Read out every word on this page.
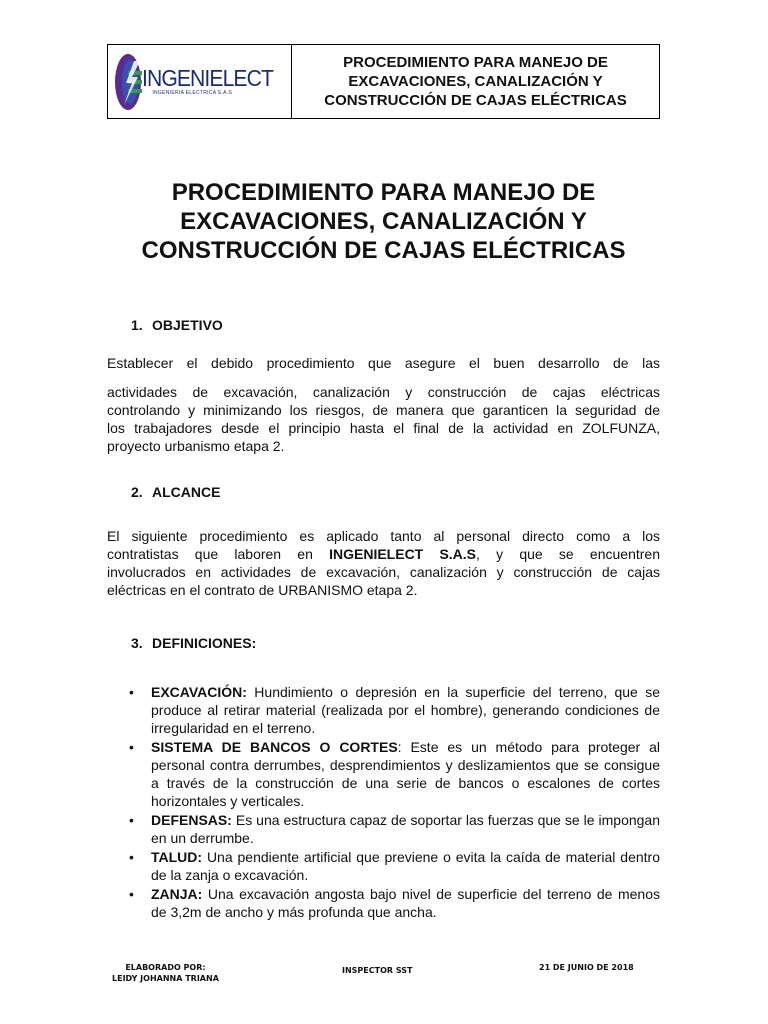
INGENIELECT
INGENIERIA ELECTRICA S.A.S
PROCEDIMIENTO PARA MANEJO DE
EXCAVACIONES, CANALIZACIÓN Y
CONSTRUCCIÓN DE CAJAS ELÉCTRICAS
PROCEDIMIENTO PARA MANEJO DE
EXCAVACIONES, CANALIZACIÓN Y
CONSTRUCCIÓN DE CAJAS ELÉCTRICAS
1. OBJETIVO
Establecer el debido procedimiento que asegure el buen desarrollo de las
actividades de excavación, canalización y construcción de cajas eléctricas
controlando y minimizando los riesgos, de manera que garanticen la seguridad de
los trabajadores desde el principio hasta el final de la actividad en ZOLFUNZA,
proyecto urbanismo etapa 2.
2. ALCANCE
El siguiente procedimiento es aplicado tanto al personal directo como a los
contratistas que laboren en INGENIELECT S.A.S, y que se encuentren
involucrados en actividades de excavación, canalización y construcción de cajas
eléctricas en el contrato de URBANISMO etapa 2.
3. DEFINICIONES:
• EXCAVACIÓN: Hundimiento o depresión en la superficie del terreno, que se produce al retirar material (realizada por el hombre), generando condiciones de irregularidad en el terreno.
• SISTEMA DE BANCOS O CORTES: Este es un método para proteger al personal contra derrumbes, desprendimientos y deslizamientos que se consigue a través de la construcción de una serie de bancos o escalones de cortes horizontales y verticales.
• DEFENSAS: Es una estructura capaz de soportar las fuerzas que se le impongan en un derrumbe.
• TALUD: Una pendiente artificial que previene o evita la caída de material dentro de la zanja o excavación.
• ZANJA: Una excavación angosta bajo nivel de superficie del terreno de menos de 3,2m de ancho y más profunda que ancha.
ELABORADO POR:
LEIDY JOHANNA TRIANA
INSPECTOR SST	21 DE JUNIO DE 2018
